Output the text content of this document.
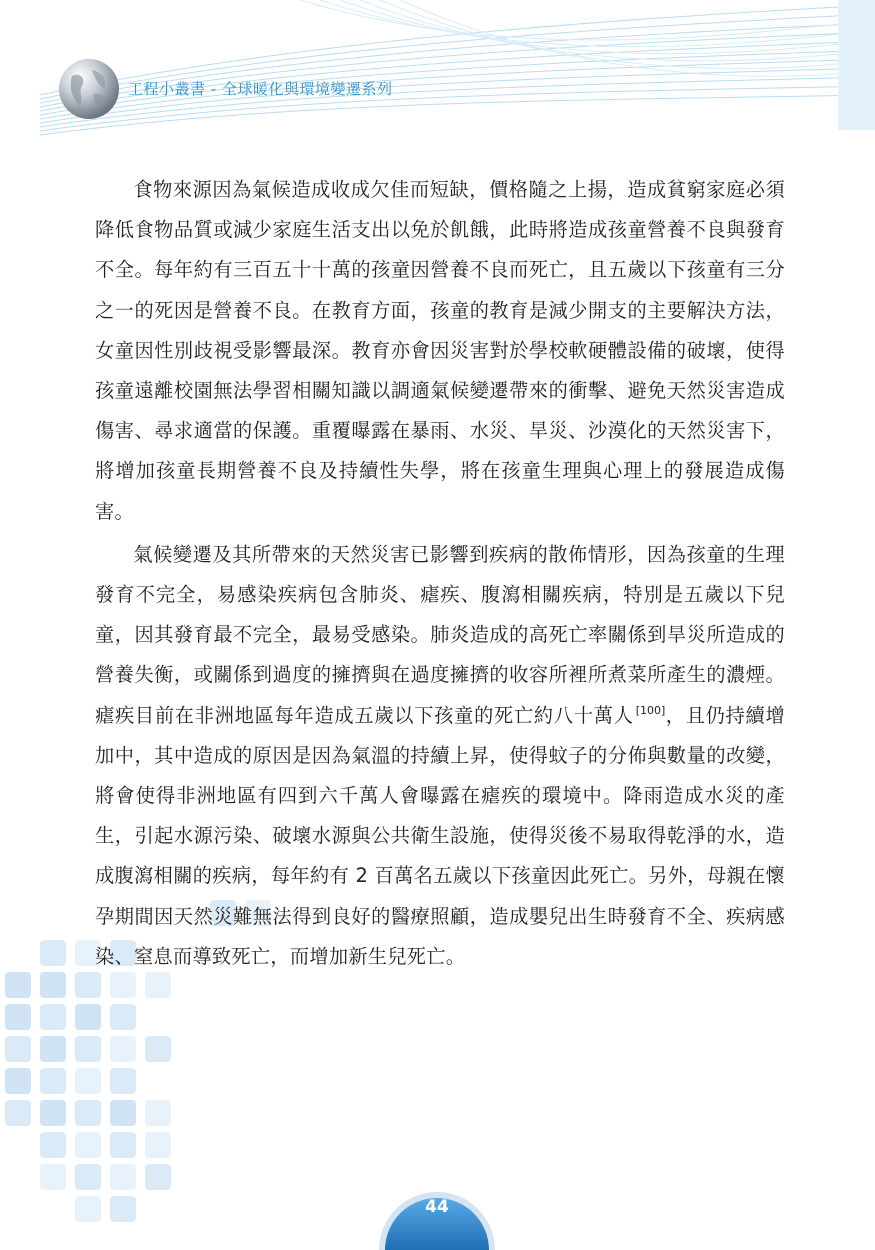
工程小叢書 - 全球暖化與環境變遷系列

食物來源因為氣候造成收成欠佳而短缺，價格隨之上揚，造成貧窮家庭必須降低食物品質或減少家庭生活支出以免於飢餓，此時將造成孩童營養不良與發育不全。每年約有三百五十十萬的孩童因營養不良而死亡，且五歲以下孩童有三分之一的死因是營養不良。在教育方面，孩童的教育是減少開支的主要解決方法，女童因性別歧視受影響最深。教育亦會因災害對於學校軟硬體設備的破壞，使得孩童遠離校園無法學習相關知識以調適氣候變遷帶來的衝擊、避免天然災害造成傷害、尋求適當的保護。重覆曝露在暴雨、水災、旱災、沙漠化的天然災害下，將增加孩童長期營養不良及持續性失學，將在孩童生理與心理上的發展造成傷害。

氣候變遷及其所帶來的天然災害已影響到疾病的散佈情形，因為孩童的生理發育不完全，易感染疾病包含肺炎、瘧疾、腹瀉相關疾病，特別是五歲以下兒童，因其發育最不完全，最易受感染。肺炎造成的高死亡率關係到旱災所造成的營養失衡，或關係到過度的擁擠與在過度擁擠的收容所裡所煮菜所產生的濃煙。瘧疾目前在非洲地區每年造成五歲以下孩童的死亡約八十萬人 [100]，且仍持續增加中，其中造成的原因是因為氣溫的持續上昇，使得蚊子的分佈與數量的改變，將會使得非洲地區有四到六千萬人會曝露在瘧疾的環境中。降雨造成水災的產生，引起水源污染、破壞水源與公共衛生設施，使得災後不易取得乾淨的水，造成腹瀉相關的疾病，每年約有 2 百萬名五歲以下孩童因此死亡。另外，母親在懷孕期間因天然災難無法得到良好的醫療照顧，造成嬰兒出生時發育不全、疾病感染、窒息而導致死亡，而增加新生兒死亡。

44
